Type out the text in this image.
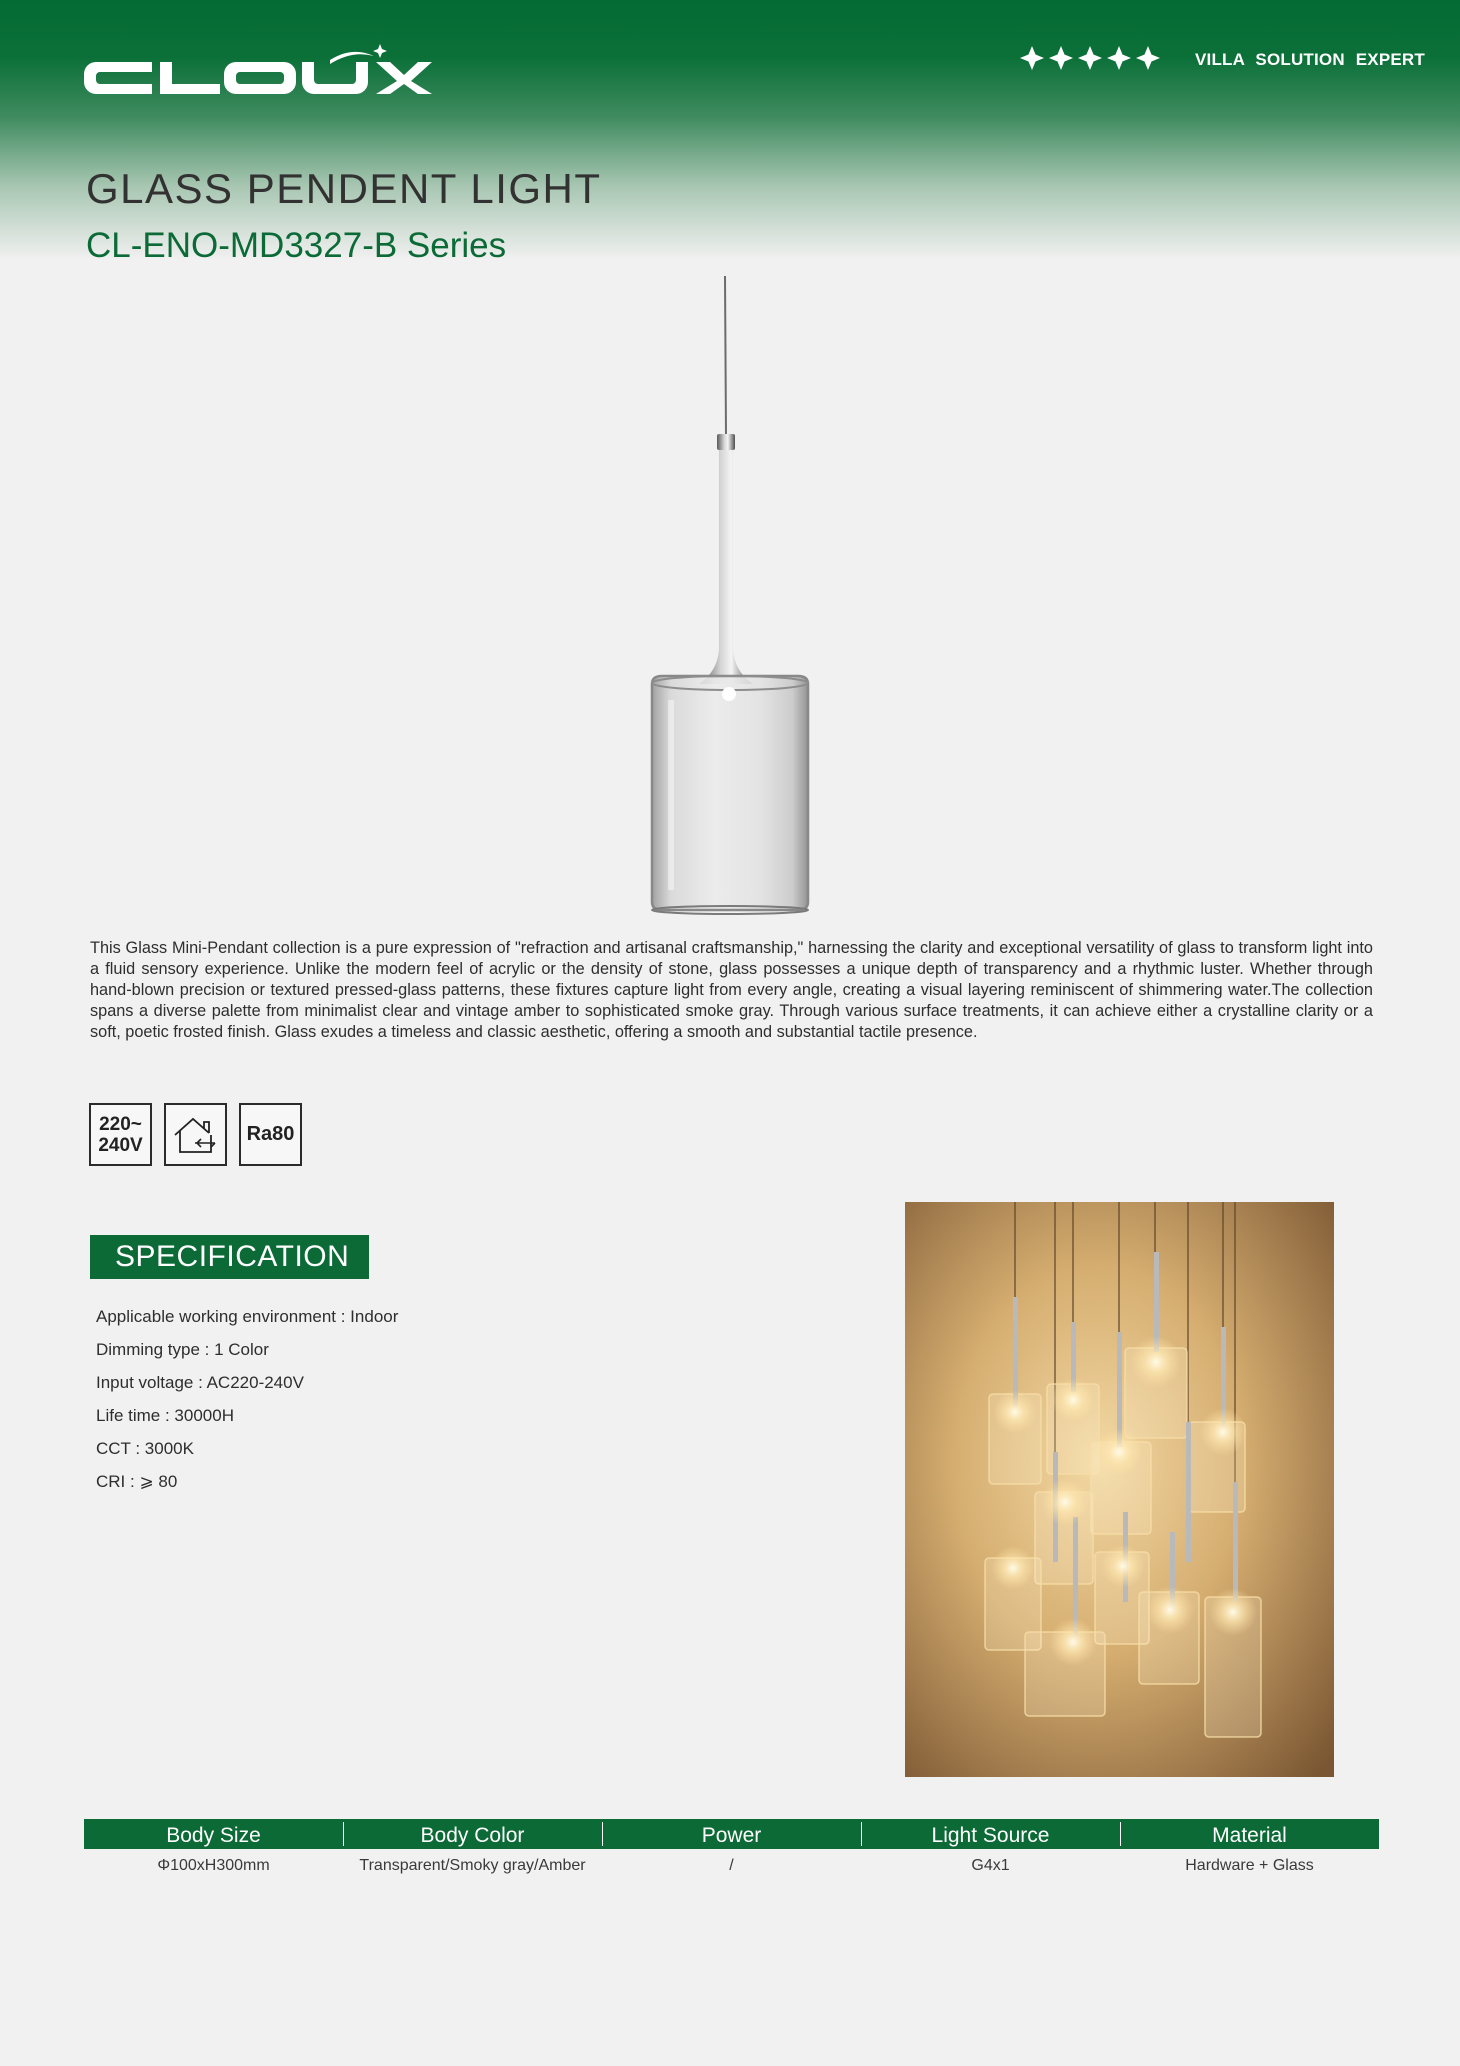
VILLA SOLUTION EXPERT
GLASS PENDENT LIGHT
CL-ENO-MD3327-B Series

This Glass Mini-Pendant collection is a pure expression of "refraction and artisanal craftsmanship," harnessing the clarity and exceptional versatility of glass to transform light into a fluid sensory experience. Unlike the modern feel of acrylic or the density of stone, glass possesses a unique depth of transparency and a rhythmic luster. Whether through hand-blown precision or textured pressed-glass patterns, these fixtures capture light from every angle, creating a visual layering reminiscent of shimmering water.The collection spans a diverse palette from minimalist clear and vintage amber to sophisticated smoke gray. Through various surface treatments, it can achieve either a crystalline clarity or a soft, poetic frosted finish. Glass exudes a timeless and classic aesthetic, offering a smooth and substantial tactile presence.

220~
240V	Ra80
SPECIFICATION
Applicable working environment : Indoor
Dimming type : 1 Color
Input voltage : AC220-240V
Life time : 30000H
CCT : 3000K
CRI : ⩾ 80
Body Size	Body Color	Power	Light Source	Material
Φ100xH300mm	Transparent/Smoky gray/Amber	/	G4x1	Hardware + Glass
